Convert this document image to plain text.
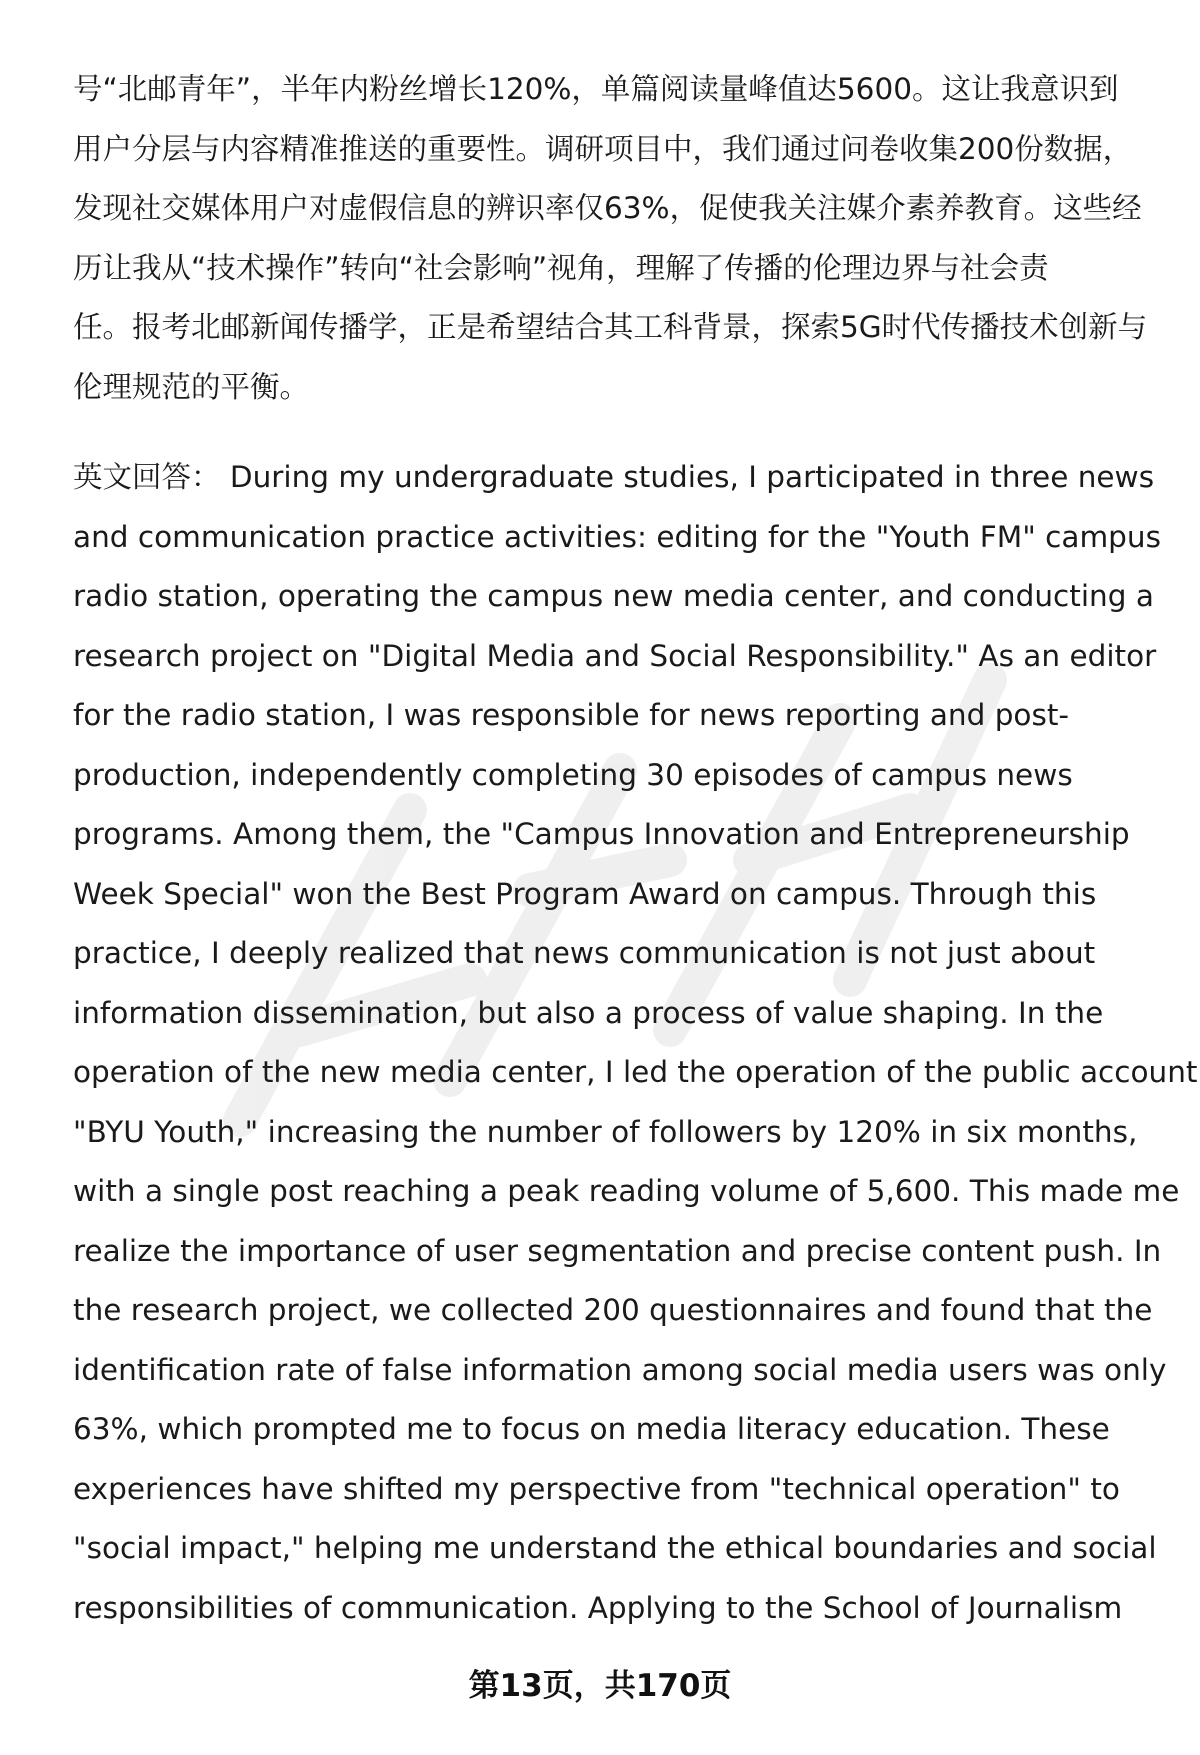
号“北邮青年”，半年内粉丝增长120%，单篇阅读量峰值达5600。这让我意识到
用户分层与内容精准推送的重要性。调研项目中，我们通过问卷收集200份数据，
发现社交媒体用户对虚假信息的辨识率仅63%，促使我关注媒介素养教育。这些经
历让我从“技术操作”转向“社会影响”视角，理解了传播的伦理边界与社会责
任。报考北邮新闻传播学，正是希望结合其工科背景，探索5G时代传播技术创新与
伦理规范的平衡。
英文回答： During my undergraduate studies, I participated in three news
and communication practice activities: editing for the "Youth FM" campus
radio station, operating the campus new media center, and conducting a
research project on "Digital Media and Social Responsibility." As an editor
for the radio station, I was responsible for news reporting and post-
production, independently completing 30 episodes of campus news
programs. Among them, the "Campus Innovation and Entrepreneurship
Week Special" won the Best Program Award on campus. Through this
practice, I deeply realized that news communication is not just about
information dissemination, but also a process of value shaping. In the
operation of the new media center, I led the operation of the public account
"BYU Youth," increasing the number of followers by 120% in six months,
with a single post reaching a peak reading volume of 5,600. This made me
realize the importance of user segmentation and precise content push. In
the research project, we collected 200 questionnaires and found that the
identification rate of false information among social media users was only
63%, which prompted me to focus on media literacy education. These
experiences have shifted my perspective from "technical operation" to
"social impact," helping me understand the ethical boundaries and social
responsibilities of communication. Applying to the School of Journalism
第13页，共170页
